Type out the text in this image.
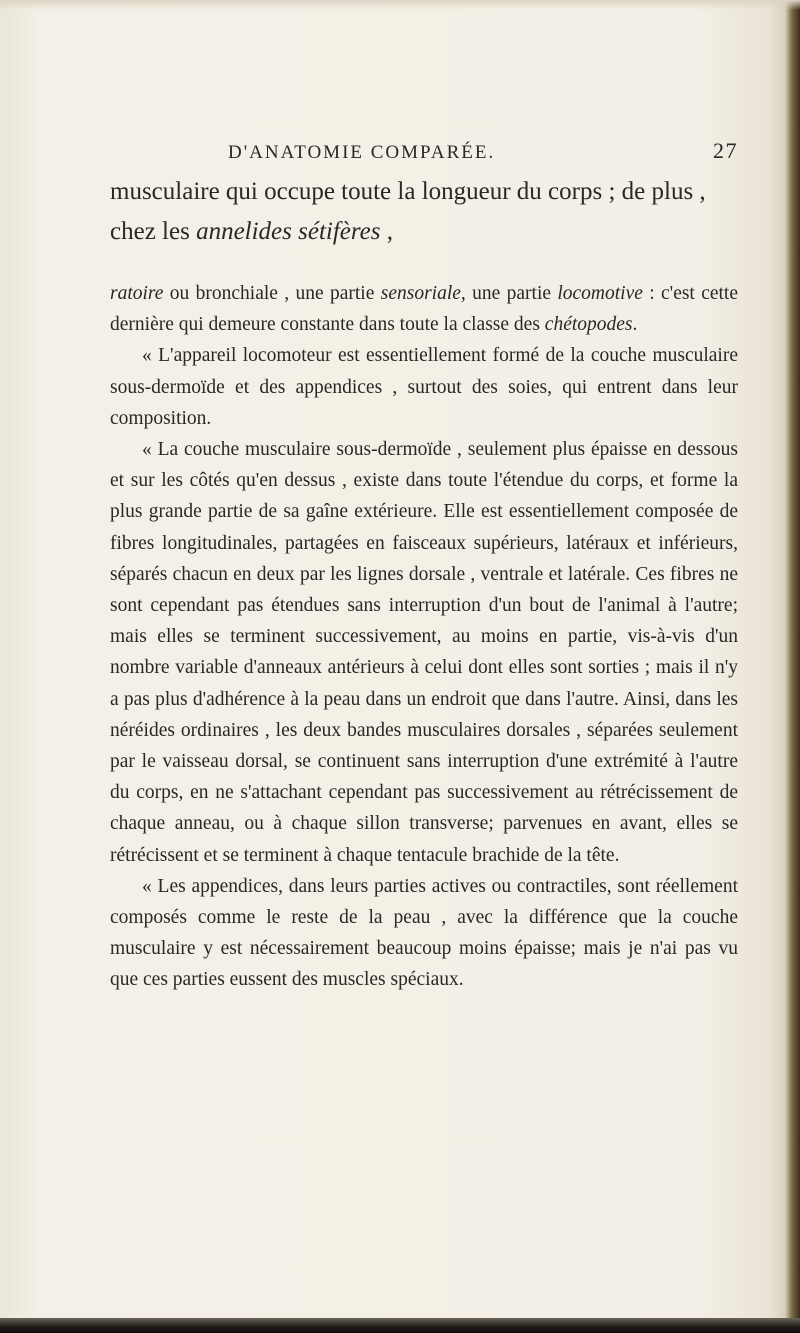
D'ANATOMIE COMPARÉE.	27

musculaire qui occupe toute la longueur du corps ; de plus , chez les annelides sétifères ,

ratoire ou bronchiale , une partie sensoriale, une partie locomotive : c'est cette dernière qui demeure constante dans toute la classe des chétopodes.

« L'appareil locomoteur est essentiellement formé de la couche musculaire sous-dermoïde et des appendices , surtout des soies, qui entrent dans leur composition.

« La couche musculaire sous-dermoïde , seulement plus épaisse en dessous et sur les côtés qu'en dessus , existe dans toute l'étendue du corps, et forme la plus grande partie de sa gaîne extérieure. Elle est essentiellement composée de fibres longitudinales, partagées en faisceaux supérieurs, latéraux et inférieurs, séparés chacun en deux par les lignes dorsale , ventrale et latérale. Ces fibres ne sont cependant pas étendues sans interruption d'un bout de l'animal à l'autre; mais elles se terminent successivement, au moins en partie, vis-à-vis d'un nombre variable d'anneaux antérieurs à celui dont elles sont sorties ; mais il n'y a pas plus d'adhérence à la peau dans un endroit que dans l'autre. Ainsi, dans les néréides ordinaires , les deux bandes musculaires dorsales , séparées seulement par le vaisseau dorsal, se continuent sans interruption d'une extrémité à l'autre du corps, en ne s'attachant cependant pas successivement au rétrécissement de chaque anneau, ou à chaque sillon transverse; parvenues en avant, elles se rétrécissent et se terminent à chaque tentacule brachide de la tête.

« Les appendices, dans leurs parties actives ou contractiles, sont réellement composés comme le reste de la peau , avec la différence que la couche musculaire y est nécessairement beaucoup moins épaisse; mais je n'ai pas vu que ces parties eussent des muscles spéciaux.
